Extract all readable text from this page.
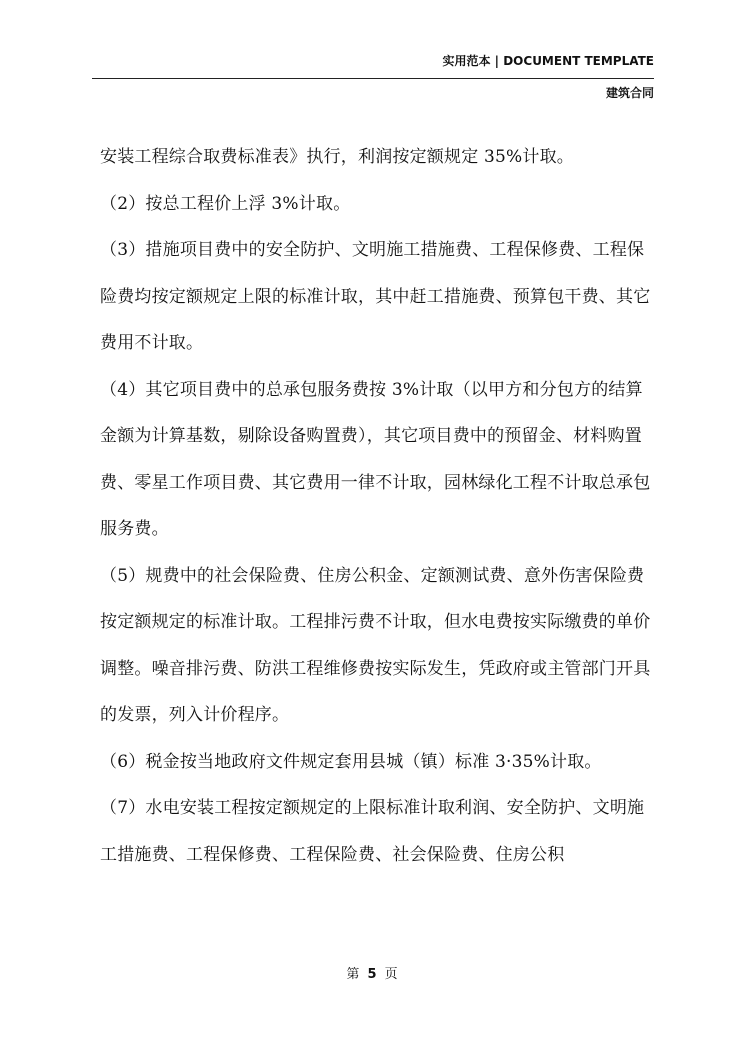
实用范本 | DOCUMENT TEMPLATE
建筑合同

安装工程综合取费标准表》执行，利润按定额规定 35%计取。

（2）按总工程价上浮 3%计取。

（3）措施项目费中的安全防护、文明施工措施费、工程保修费、工程保险费均按定额规定上限的标准计取，其中赶工措施费、预算包干费、其它费用不计取。

（4）其它项目费中的总承包服务费按 3%计取（以甲方和分包方的结算金额为计算基数，剔除设备购置费），其它项目费中的预留金、材料购置费、零星工作项目费、其它费用一律不计取，园林绿化工程不计取总承包服务费。

（5）规费中的社会保险费、住房公积金、定额测试费、意外伤害保险费按定额规定的标准计取。工程排污费不计取，但水电费按实际缴费的单价调整。噪音排污费、防洪工程维修费按实际发生，凭政府或主管部门开具的发票，列入计价程序。

（6）税金按当地政府文件规定套用县城（镇）标准 3·35%计取。

（7）水电安装工程按定额规定的上限标准计取利润、安全防护、文明施工措施费、工程保修费、工程保险费、社会保险费、住房公积

第 5 页
